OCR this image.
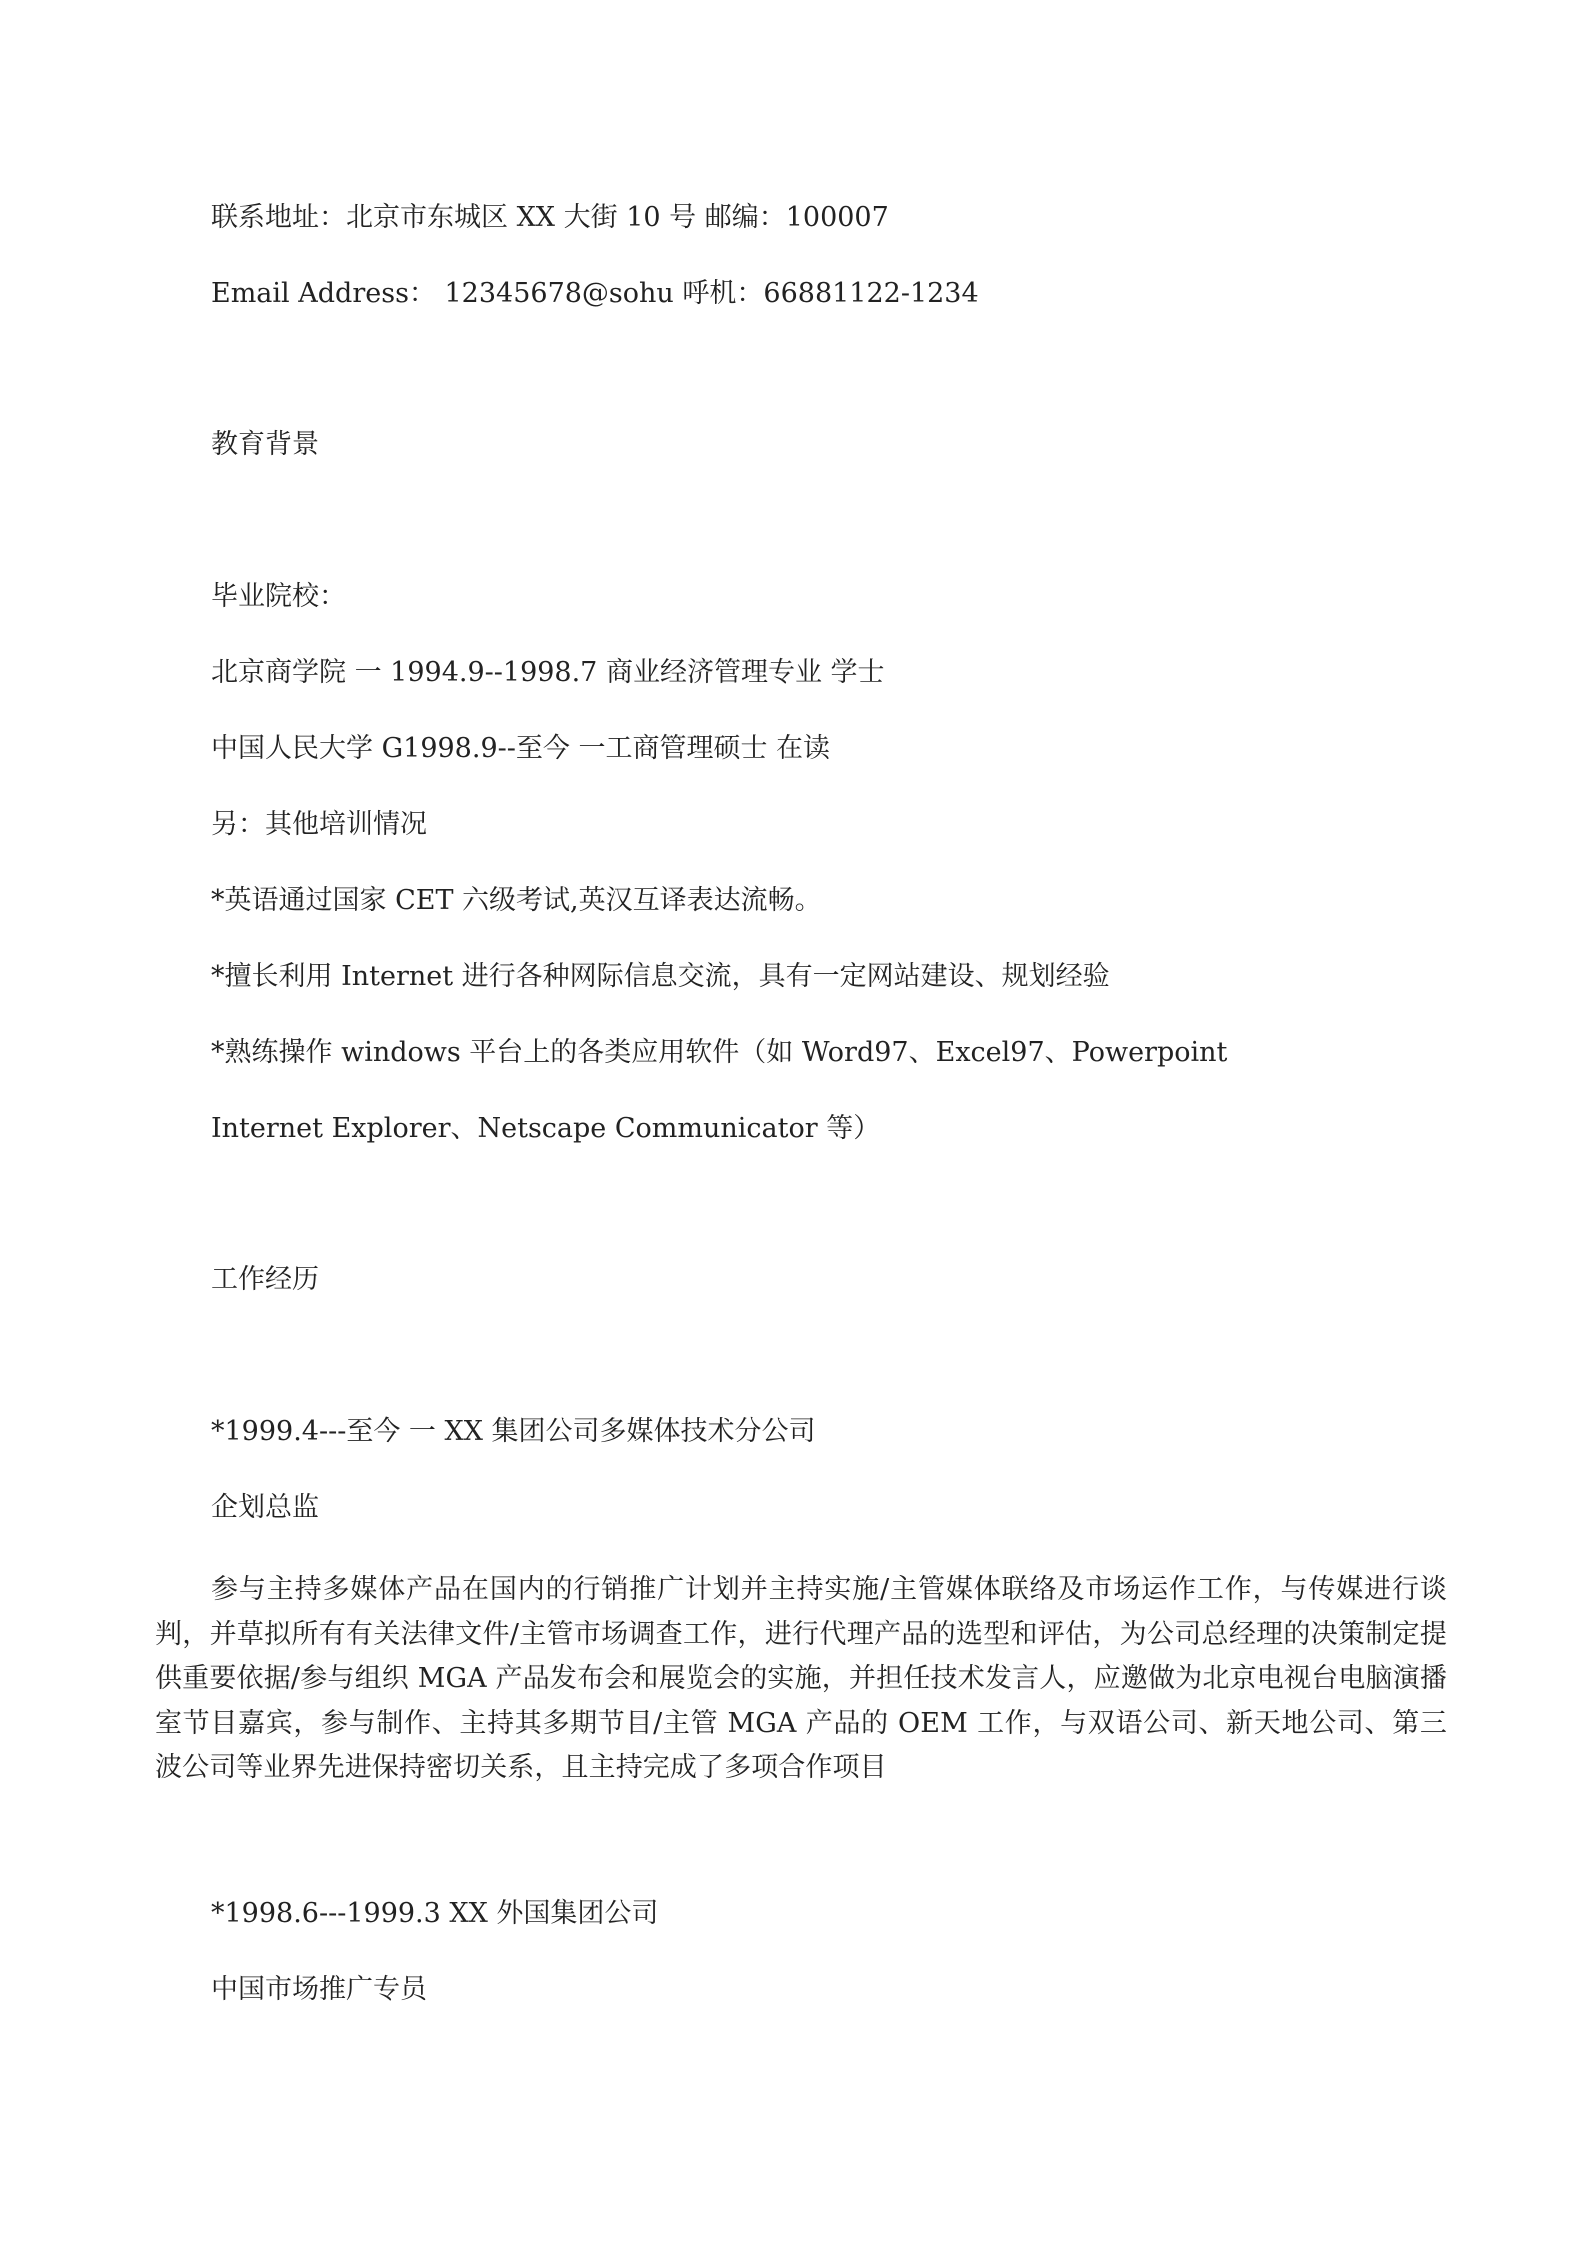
联系地址：北京市东城区 XX 大街 10 号 邮编：100007
Email Address： 12345678@sohu 呼机：66881122-1234
教育背景
毕业院校：
北京商学院 一 1994.9--1998.7 商业经济管理专业 学士
中国人民大学 G1998.9--至今 一工商管理硕士 在读
另：其他培训情况
*英语通过国家 CET 六级考试,英汉互译表达流畅。
*擅长利用 Internet 进行各种网际信息交流，具有一定网站建设、规划经验
*熟练操作 windows 平台上的各类应用软件（如 Word97、Excel97、Powerpoint
Internet Explorer、Netscape Communicator 等）
工作经历
*1999.4---至今 一 XX 集团公司多媒体技术分公司
企划总监
参与主持多媒体产品在国内的行销推广计划并主持实施/主管媒体联络及市场运作工作，与传媒进行谈判，并草拟所有有关法律文件/主管市场调查工作，进行代理产品的选型和评估，为公司总经理的决策制定提供重要依据/参与组织 MGA 产品发布会和展览会的实施，并担任技术发言人，应邀做为北京电视台电脑演播室节目嘉宾，参与制作、主持其多期节目/主管 MGA 产品的 OEM 工作，与双语公司、新天地公司、第三波公司等业界先进保持密切关系，且主持完成了多项合作项目
*1998.6---1999.3 XX 外国集团公司
中国市场推广专员
